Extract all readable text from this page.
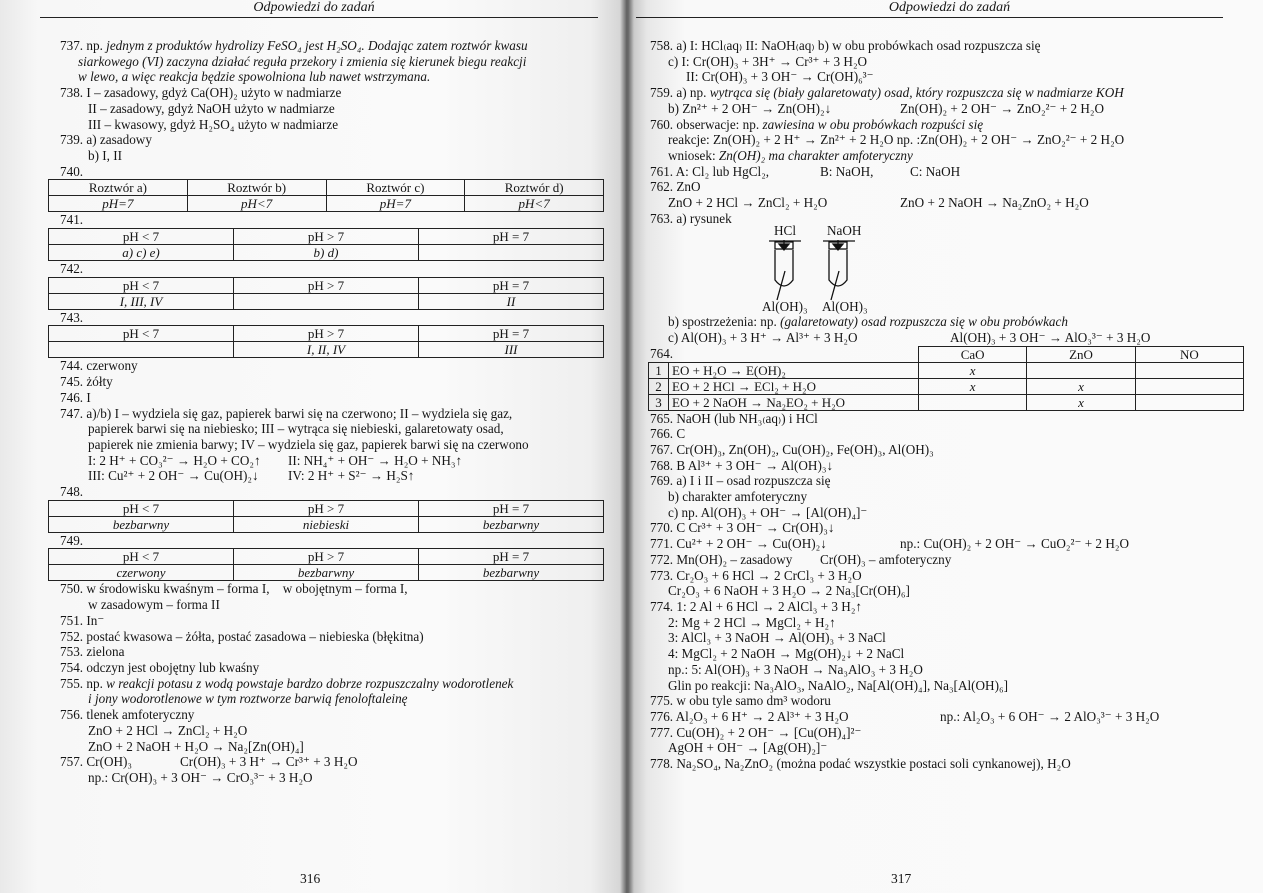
Odpowiedzi do zadań
737. np. jednym z produktów hydrolizy FeSO₄ jest H₂SO₄. Dodając zatem roztwór kwasu
siarkowego (VI) zaczyna działać reguła przekory i zmienia się kierunek biegu reakcji
w lewo, a więc reakcja będzie spowolniona lub nawet wstrzymana.
738. I – zasadowy, gdyż Ca(OH)₂ użyto w nadmiarze
II – zasadowy, gdyż NaOH użyto w nadmiarze
III – kwasowy, gdyż H₂SO₄ użyto w nadmiarze
739. a) zasadowy
b) I, II
740.
Roztwór a)	Roztwór b)	Roztwór c)	Roztwór d)
pH=7	pH<7	pH=7	pH<7
741.
pH < 7	pH > 7	pH = 7
a) c) e)	b) d)	
742.
pH < 7	pH > 7	pH = 7
I, III, IV		II
743.
pH < 7	pH > 7	pH = 7
	I, II, IV	III
744. czerwony
745. żółty
746. I
747. a)/b) I – wydziela się gaz, papierek barwi się na czerwono; II – wydziela się gaz,
papierek barwi się na niebiesko; III – wytrąca się niebieski, galaretowaty osad,
papierek nie zmienia barwy; IV – wydziela się gaz, papierek barwi się na czerwono
I: 2 H⁺ + CO₃²⁻ → H₂O + CO₂↑ II: NH₄⁺ + OH⁻ → H₂O + NH₃↑
III: Cu²⁺ + 2 OH⁻ → Cu(OH)₂↓ IV: 2 H⁺ + S²⁻ → H₂S↑
748.
pH < 7	pH > 7	pH = 7
bezbarwny	niebieski	bezbarwny
749.
pH < 7	pH > 7	pH = 7
czerwony	bezbarwny	bezbarwny
750. w środowisku kwaśnym – forma I, w obojętnym – forma I,
w zasadowym – forma II
751. In⁻
752. postać kwasowa – żółta, postać zasadowa – niebieska (błękitna)
753. zielona
754. odczyn jest obojętny lub kwaśny
755. np. w reakcji potasu z wodą powstaje bardzo dobrze rozpuszczalny wodorotlenek
i jony wodorotlenowe w tym roztworze barwią fenoloftaleinę
756. tlenek amfoteryczny
ZnO + 2 HCl → ZnCl₂ + H₂O
ZnO + 2 NaOH + H₂O → Na₂[Zn(OH)₄]
757. Cr(OH)₃	Cr(OH)₃ + 3 H⁺ → Cr³⁺ + 3 H₂O
np.: Cr(OH)₃ + 3 OH⁻ → CrO₃³⁻ + 3 H₂O
316
Odpowiedzi do zadań
758. a) I: HCl₍aq₎ II: NaOH₍aq₎ b) w obu probówkach osad rozpuszcza się
c) I: Cr(OH)₃ + 3H⁺ → Cr³⁺ + 3 H₂O
II: Cr(OH)₃ + 3 OH⁻ → Cr(OH)₆³⁻
759. a) np. wytrąca się (biały galaretowaty) osad, który rozpuszcza się w nadmiarze KOH
b) Zn²⁺ + 2 OH⁻ → Zn(OH)₂↓	Zn(OH)₂ + 2 OH⁻ → ZnO₂²⁻ + 2 H₂O
760. obserwacje: np. zawiesina w obu probówkach rozpuści się
reakcje: Zn(OH)₂ + 2 H⁺ → Zn²⁺ + 2 H₂O np. :Zn(OH)₂ + 2 OH⁻ → ZnO₂²⁻ + 2 H₂O
wniosek: Zn(OH)₂ ma charakter amfoteryczny
761. A: Cl₂ lub HgCl₂,	B: NaOH,	C: NaOH
762. ZnO
ZnO + 2 HCl → ZnCl₂ + H₂O	ZnO + 2 NaOH → Na₂ZnO₂ + H₂O
763. a) rysunek
HCl NaOH
Al(OH)₃ Al(OH)₃
b) spostrzeżenia: np. (galaretowaty) osad rozpuszcza się w obu probówkach
c) Al(OH)₃ + 3 H⁺ → Al³⁺ + 3 H₂O	Al(OH)₃ + 3 OH⁻ → AlO₃³⁻ + 3 H₂O
764.	CaO	ZnO	NO
1	EO + H₂O → E(OH)₂	x		
2	EO + 2 HCl → ECl₂ + H₂O	x	x	
3	EO + 2 NaOH → Na₂EO₂ + H₂O		x	
765. NaOH (lub NH₃₍aq₎) i HCl
766. C
767. Cr(OH)₃, Zn(OH)₂, Cu(OH)₂, Fe(OH)₃, Al(OH)₃
768. B Al³⁺ + 3 OH⁻ → Al(OH)₃↓
769. a) I i II – osad rozpuszcza się
b) charakter amfoteryczny
c) np. Al(OH)₃ + OH⁻ → [Al(OH)₄]⁻
770. C Cr³⁺ + 3 OH⁻ → Cr(OH)₃↓
771. Cu²⁺ + 2 OH⁻ → Cu(OH)₂↓	np.: Cu(OH)₂ + 2 OH⁻ → CuO₂²⁻ + 2 H₂O
772. Mn(OH)₂ – zasadowy Cr(OH)₃ – amfoteryczny
773. Cr₂O₃ + 6 HCl → 2 CrCl₃ + 3 H₂O
Cr₂O₃ + 6 NaOH + 3 H₂O → 2 Na₃[Cr(OH)₆]
774. 1: 2 Al + 6 HCl → 2 AlCl₃ + 3 H₂↑
2: Mg + 2 HCl → MgCl₂ + H₂↑
3: AlCl₃ + 3 NaOH → Al(OH)₃ + 3 NaCl
4: MgCl₂ + 2 NaOH → Mg(OH)₂↓ + 2 NaCl
np.: 5: Al(OH)₃ + 3 NaOH → Na₃AlO₃ + 3 H₂O
Glin po reakcji: Na₃AlO₃, NaAlO₂, Na[Al(OH)₄], Na₃[Al(OH)₆]
775. w obu tyle samo dm³ wodoru
776. Al₂O₃ + 6 H⁺ → 2 Al³⁺ + 3 H₂O	np.: Al₂O₃ + 6 OH⁻ → 2 AlO₃³⁻ + 3 H₂O
777. Cu(OH)₂ + 2 OH⁻ → [Cu(OH)₄]²⁻
AgOH + OH⁻ → [Ag(OH)₂]⁻
778. Na₂SO₄, Na₂ZnO₂ (można podać wszystkie postaci soli cynkanowej), H₂O
317
